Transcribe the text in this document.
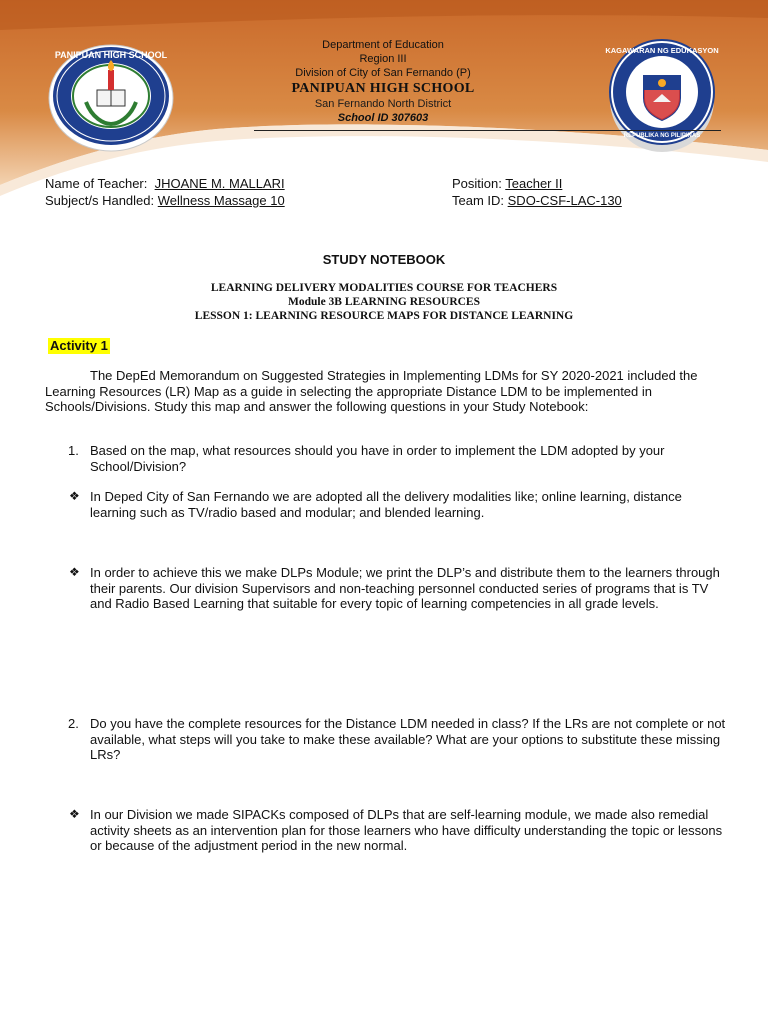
PANIPUAN HIGH SCHOOL	KAGAWARAN NG EDUKASYON
REPUBLIKA NG PILIPINAS

Department of Education

Region III

Division of City of San Fernando (P)

PANIPUAN HIGH SCHOOL

San Fernando North District

School ID 307603

Name of Teacher: JHOANE M. MALLARI	Position: Teacher II
Subject/s Handled: Wellness Massage 10	Team ID: SDO-CSF-LAC-130
STUDY NOTEBOOK
LEARNING DELIVERY MODALITIES COURSE FOR TEACHERS
Module 3B LEARNING RESOURCES
LESSON 1: LEARNING RESOURCE MAPS FOR DISTANCE LEARNING
Activity 1

The DepEd Memorandum on Suggested Strategies in Implementing LDMs for SY 2020-2021 included the Learning Resources (LR) Map as a guide in selecting the appropriate Distance LDM to be implemented in Schools/Divisions. Study this map and answer the following questions in your Study Notebook:

1. Based on the map, what resources should you have in order to implement the LDM adopted by your School/Division?

❖ In Deped City of San Fernando we are adopted all the delivery modalities like; online learning, distance learning such as TV/radio based and modular; and blended learning.

❖ In order to achieve this we make DLPs Module; we print the DLP’s and distribute them to the learners through their parents. Our division Supervisors and non-teaching personnel conducted series of programs that is TV and Radio Based Learning that suitable for every topic of learning competencies in all grade levels.

2. Do you have the complete resources for the Distance LDM needed in class? If the LRs are not complete or not available, what steps will you take to make these available? What are your options to substitute these missing LRs?

❖ In our Division we made SIPACKs composed of DLPs that are self-learning module, we made also remedial activity sheets as an intervention plan for those learners who have difficulty understanding the topic or lessons or because of the adjustment period in the new normal.
